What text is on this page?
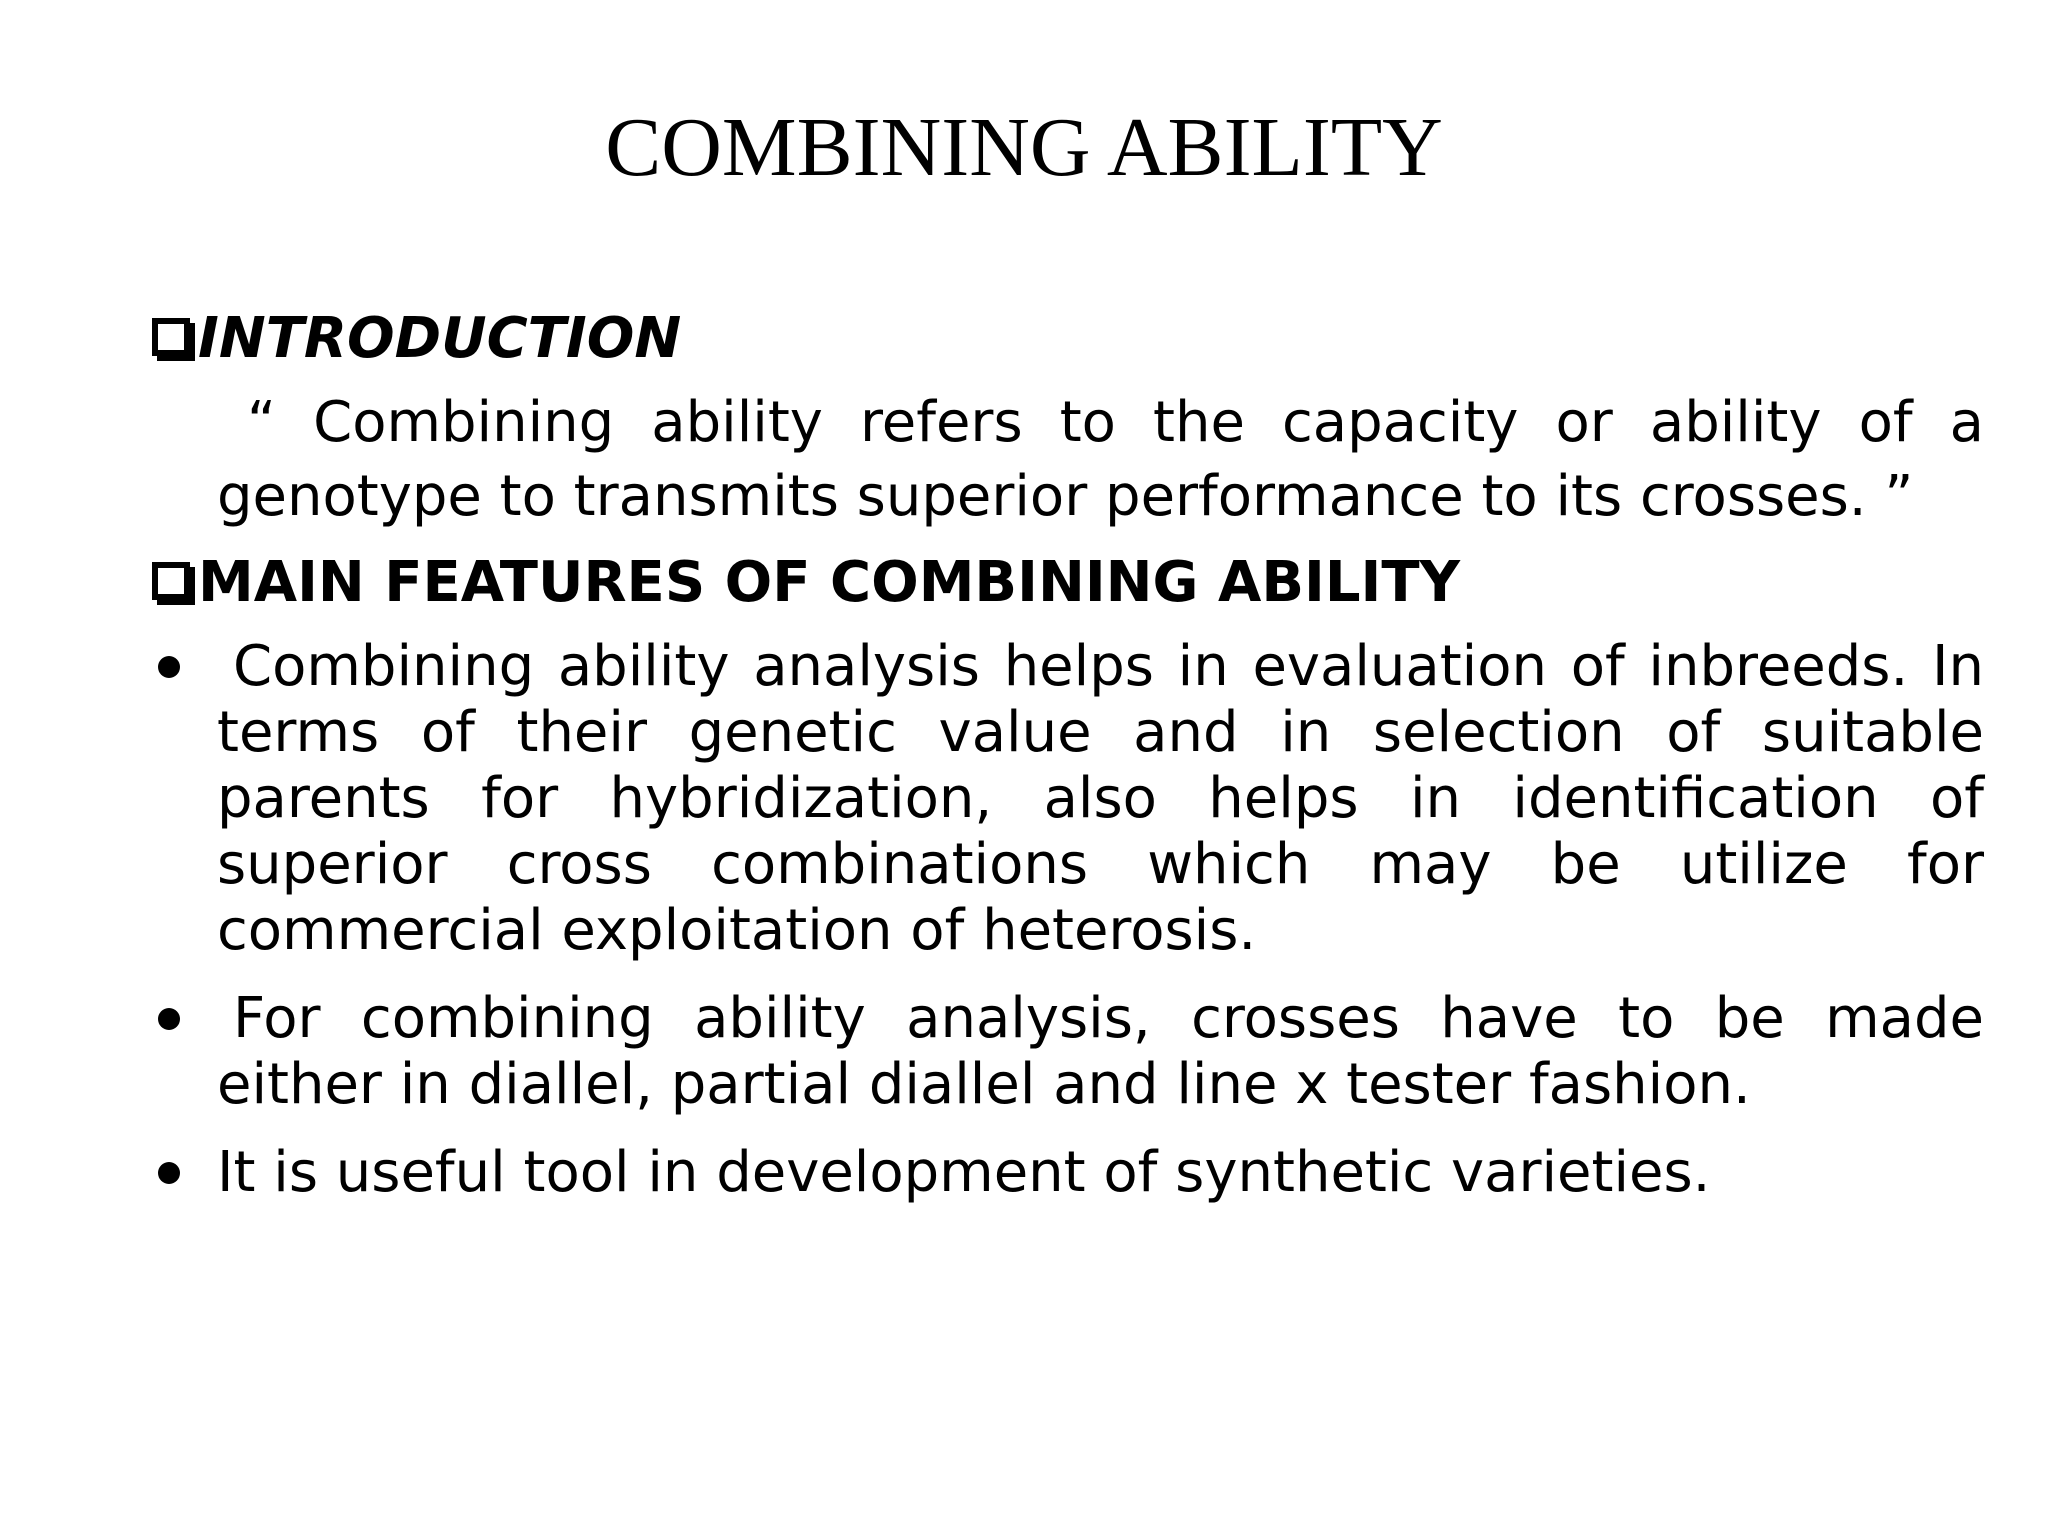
COMBINING ABILITY
INTRODUCTION
“ Combining ability refers to the capacity or ability of a genotype to transmits superior performance to its crosses. ”
MAIN FEATURES OF COMBINING ABILITY
Combining ability analysis helps in evaluation of inbreeds. In terms of their genetic value and in selection of suitable parents for hybridization, also helps in identification of superior cross combinations which may be utilize for commercial exploitation of heterosis.
For combining ability analysis, crosses have to be made either in diallel, partial diallel and line x tester fashion.
It is useful tool in development of synthetic varieties.
